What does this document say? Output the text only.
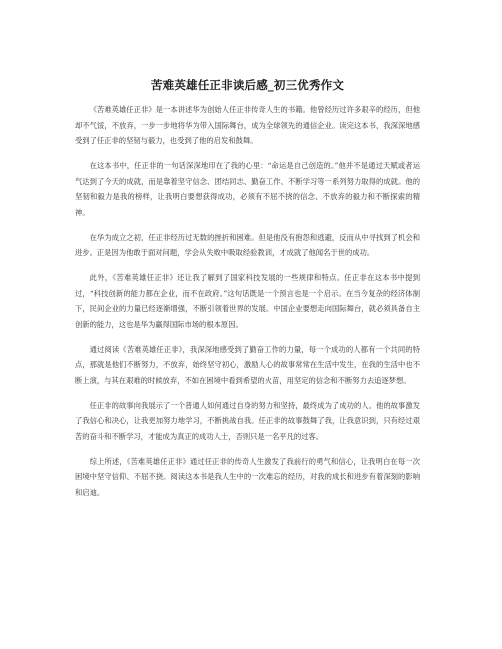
苦难英雄任正非读后感_初三优秀作文

《苦难英雄任正非》是一本讲述华为创始人任正非传奇人生的书籍。他曾经历过许多艰辛的经历，但他却不气馁，不放弃，一步一步地将华为带入国际舞台，成为全球领先的通信企业。读完这本书，我深深地感受到了任正非的坚韧与毅力，也受到了他的启发和鼓舞。

在这本书中，任正非的一句话深深地印在了我的心里：“命运是自己创造的。”他并不是通过天赋或者运气达到了今天的成就，而是靠着坚守信念、团结同志、勤奋工作、不断学习等一系列努力取得的成就。他的坚韧和毅力是我的榜样，让我明白要想获得成功，必须有不屈不挠的信念、不放弃的毅力和不断探索的精神。

在华为成立之初，任正非经历过无数的挫折和困难。但是他没有抱怨和逃避，反而从中寻找到了机会和进步。正是因为他敢于面对问题，学会从失败中吸取经验教训，才成就了他闻名于世的成功。

此外，《苦难英雄任正非》还让我了解到了国家科技发展的一些规律和特点。任正非在这本书中提到过，“科技创新的能力都在企业，而不在政府。”这句话既是一个预言也是一个启示。在当今复杂的经济体制下，民间企业的力量已经逐渐增强，不断引领着世界的发展。中国企业要想走向国际舞台，就必须具备自主创新的能力，这也是华为赢得国际市场的根本原因。

通过阅读《苦难英雄任正非》，我深深地感受到了勤奋工作的力量，每一个成功的人都有一个共同的特点，那就是他们不断努力，不放弃，始终坚守初心，激励人心的故事常常在生活中发生，在我的生活中也不断上演，与其在艰难的时候放弃，不如在困境中看到希望的火苗，用坚定的信念和不断努力去追逐梦想。

任正非的故事向我展示了一个普通人如何通过自身的努力和坚持，最终成为了成功的人。他的故事激发了我信心和决心，让我更加努力地学习，不断挑战自我。任正非的故事鼓舞了我，让我意识到，只有经过艰苦的奋斗和不断学习，才能成为真正的成功人士，否则只是一名平凡的过客。

综上所述，《苦难英雄任正非》通过任正非的传奇人生激发了我前行的勇气和信心，让我明白在每一次困境中坚守信仰、不屈不挠。阅读这本书是我人生中的一次难忘的经历，对我的成长和进步有着深刻的影响和启迪。
